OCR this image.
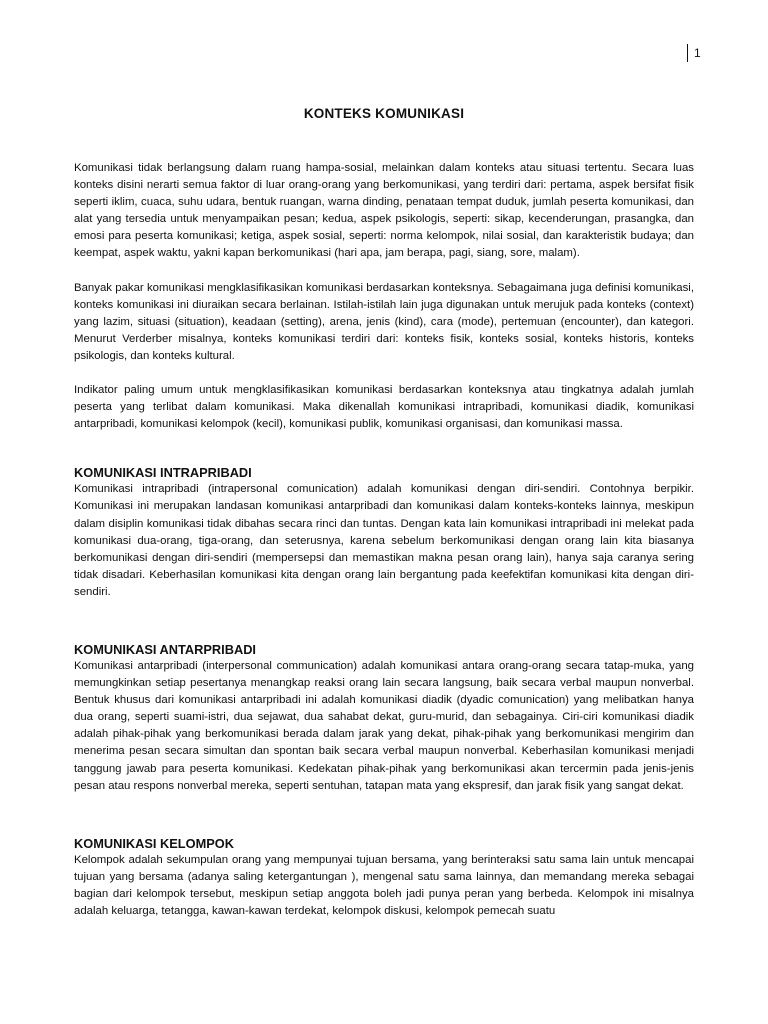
1
KONTEKS KOMUNIKASI

Komunikasi tidak berlangsung dalam ruang hampa-sosial, melainkan dalam konteks atau situasi tertentu. Secara luas konteks disini nerarti semua faktor di luar orang-orang yang berkomunikasi, yang terdiri dari: pertama, aspek bersifat fisik seperti iklim, cuaca, suhu udara, bentuk ruangan, warna dinding, penataan tempat duduk, jumlah peserta komunikasi, dan alat yang tersedia untuk menyampaikan pesan; kedua, aspek psikologis, seperti: sikap, kecenderungan, prasangka, dan emosi para peserta komunikasi; ketiga, aspek sosial, seperti: norma kelompok, nilai sosial, dan karakteristik budaya; dan keempat, aspek waktu, yakni kapan berkomunikasi (hari apa, jam berapa, pagi, siang, sore, malam).

Banyak pakar komunikasi mengklasifikasikan komunikasi berdasarkan konteksnya. Sebagaimana juga definisi komunikasi, konteks komunikasi ini diuraikan secara berlainan. Istilah-istilah lain juga digunakan untuk merujuk pada konteks (context) yang lazim, situasi (situation), keadaan (setting), arena, jenis (kind), cara (mode), pertemuan (encounter), dan kategori. Menurut Verderber misalnya, konteks komunikasi terdiri dari: konteks fisik, konteks sosial, konteks historis, konteks psikologis, dan konteks kultural.

Indikator paling umum untuk mengklasifikasikan komunikasi berdasarkan konteksnya atau tingkatnya adalah jumlah peserta yang terlibat dalam komunikasi. Maka dikenallah komunikasi intrapribadi, komunikasi diadik, komunikasi antarpribadi, komunikasi kelompok (kecil), komunikasi publik, komunikasi organisasi, dan komunikasi massa.

KOMUNIKASI INTRAPRIBADI

Komunikasi intrapribadi (intrapersonal comunication) adalah komunikasi dengan diri-sendiri. Contohnya berpikir. Komunikasi ini merupakan landasan komunikasi antarpribadi dan komunikasi dalam konteks-konteks lainnya, meskipun dalam disiplin komunikasi tidak dibahas secara rinci dan tuntas. Dengan kata lain komunikasi intrapribadi ini melekat pada komunikasi dua-orang, tiga-orang, dan seterusnya, karena sebelum berkomunikasi dengan orang lain kita biasanya berkomunikasi dengan diri-sendiri (mempersepsi dan memastikan makna pesan orang lain), hanya saja caranya sering tidak disadari. Keberhasilan komunikasi kita dengan orang lain bergantung pada keefektifan komunikasi kita dengan diri-sendiri.

KOMUNIKASI ANTARPRIBADI

Komunikasi antarpribadi (interpersonal communication) adalah komunikasi antara orang-orang secara tatap-muka, yang memungkinkan setiap pesertanya menangkap reaksi orang lain secara langsung, baik secara verbal maupun nonverbal. Bentuk khusus dari komunikasi antarpribadi ini adalah komunikasi diadik (dyadic comunication) yang melibatkan hanya dua orang, seperti suami-istri, dua sejawat, dua sahabat dekat, guru-murid, dan sebagainya. Ciri-ciri komunikasi diadik adalah pihak-pihak yang berkomunikasi berada dalam jarak yang dekat, pihak-pihak yang berkomunikasi mengirim dan menerima pesan secara simultan dan spontan baik secara verbal maupun nonverbal. Keberhasilan komunikasi menjadi tanggung jawab para peserta komunikasi. Kedekatan pihak-pihak yang berkomunikasi akan tercermin pada jenis-jenis pesan atau respons nonverbal mereka, seperti sentuhan, tatapan mata yang ekspresif, dan jarak fisik yang sangat dekat.

KOMUNIKASI KELOMPOK

Kelompok adalah sekumpulan orang yang mempunyai tujuan bersama, yang berinteraksi satu sama lain untuk mencapai tujuan yang bersama (adanya saling ketergantungan ), mengenal satu sama lainnya, dan memandang mereka sebagai bagian dari kelompok tersebut, meskipun setiap anggota boleh jadi punya peran yang berbeda. Kelompok ini misalnya adalah keluarga, tetangga, kawan-kawan terdekat, kelompok diskusi, kelompok pemecah suatu
